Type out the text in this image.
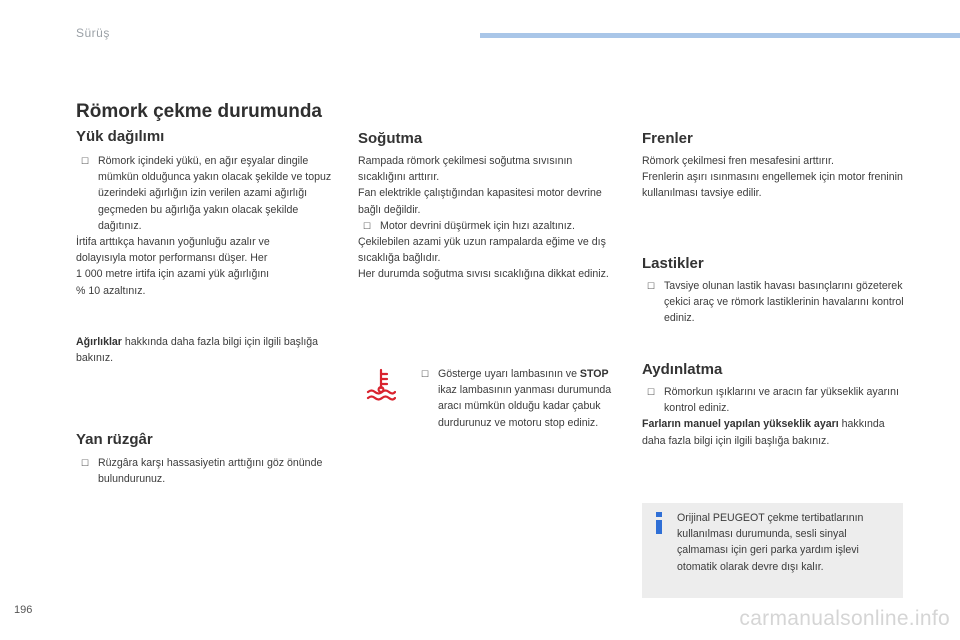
Sürüş
Römork çekme durumunda
Yük dağılımı

☐ Römork içindeki yükü, en ağır eşyalar dingile mümkün olduğunca yakın olacak şekilde ve topuz üzerindeki ağırlığın izin verilen azami ağırlığı geçmeden bu ağırlığa yakın olacak şekilde dağıtınız.

İrtifa arttıkça havanın yoğunluğu azalır ve
dolayısıyla motor performansı düşer. Her
1 000 metre irtifa için azami yük ağırlığını
% 10 azaltınız.

Ağırlıklar hakkında daha fazla bilgi için ilgili başlığa bakınız.
Yan rüzgâr

☐ Rüzgâra karşı hassasiyetin arttığını göz önünde bulundurunuz.

Soğutma

Rampada römork çekilmesi soğutma sıvısının sıcaklığını arttırır.

Fan elektrikle çalıştığından kapasitesi motor devrine bağlı değildir.

☐ Motor devrini düşürmek için hızı azaltınız.

Çekilebilen azami yük uzun rampalarda eğime ve dış sıcaklığa bağlıdır.

Her durumda soğutma sıvısı sıcaklığına dikkat ediniz.

☐ Gösterge uyarı lambasının ve STOP ikaz lambasının yanması durumunda aracı mümkün olduğu kadar çabuk durdurunuz ve motoru stop ediniz.

Frenler

Römork çekilmesi fren mesafesini arttırır.

Frenlerin aşırı ısınmasını engellemek için motor freninin kullanılması tavsiye edilir.

Lastikler

☐ Tavsiye olunan lastik havası basınçlarını gözeterek çekici araç ve römork lastiklerinin havalarını kontrol ediniz.

Aydınlatma

☐ Römorkun ışıklarını ve aracın far yükseklik ayarını kontrol ediniz.

Farların manuel yapılan yükseklik ayarı hakkında daha fazla bilgi için ilgili başlığa bakınız.

Orijinal PEUGEOT çekme tertibatlarının kullanılması durumunda, sesli sinyal çalmaması için geri parka yardım işlevi otomatik olarak devre dışı kalır.
196	carmanualsonline.info
